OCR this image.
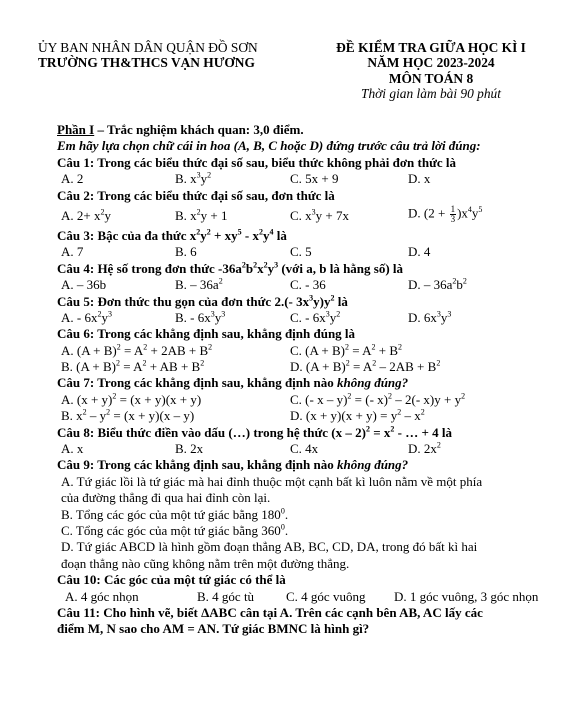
ỦY BAN NHÂN DÂN QUẬN ĐỒ SƠN
TRƯỜNG TH&THCS VẠN HƯƠNG
ĐỀ KIỂM TRA GIỮA HỌC KÌ I
NĂM HỌC 2023-2024
MÔN TOÁN 8
Thời gian làm bài 90 phút
Phần I – Trắc nghiệm khách quan: 3,0 điểm.
Em hãy lựa chọn chữ cái in hoa (A, B, C hoặc D) đứng trước câu trả lời đúng:
Câu 1: Trong các biểu thức đại số sau, biểu thức không phải đơn thức là
A. 2	B. $x^3y^2$	C. 5x + 9	D. x
Câu 2: Trong các biểu thức đại số sau, đơn thức là
A. $2+ x^2y$	B. $x^2y + 1$	C. $x^3y + 7x$	D. $(2 + \frac{1}{3} )x^4y^5$
Câu 3: Bậc của đa thức $x^2y^2 + xy^5 - x^2y^4$ là
A. 7	B. 6	C. 5	D. 4
Câu 4: Hệ số trong đơn thức $-36a^2b^2x^2y^3$ (với a, b là hằng số) là
A. – 36b	B. – $36a^2$	C. - 36	D. – $36a^2b^2$
Câu 5: Đơn thức thu gọn của đơn thức 2.(- $3x^3y)y^2$ là
A. - $6x^2y^3$	B. - $6x^3y^3$	C. - $6x^3y^2$	D. $6x^3y^3$
Câu 6: Trong các khẳng định sau, khẳng định đúng là
A. $(A + B)^2 = A^2 + 2AB + B^2$	C. $(A + B)^2 = A^2 + B^2$
B. $(A + B)^2 = A^2$ + AB + $B^2$	D. $(A + B)^2 = A^2 - 2AB + B^2$
Câu 7: Trong các khẳng định sau, khẳng định nào không đúng?
A. $(x + y)^2 = (x + y)(x + y)$	C. (- x – y)$^2$ = (- x)$^2$ – 2(- $x)y + y^2$
B. $x^2 - y^2 = (x + y)(x - y)$	D. $(x + y)(x + y) = y^2 - x^2$
Câu 8: Biểu thức điền vào dấu (…) trong hệ thức $(x - 2)^2 = x^2$ - … + 4 là
A. x	B. 2x	C. 4x	D. $2x^2$
Câu 9: Trong các khẳng định sau, khẳng định nào không đúng?
A. Tứ giác lồi là tứ giác mà hai đỉnh thuộc một cạnh bất kì luôn nằm về một phía
của đường thẳng đi qua hai đỉnh còn lại.
B. Tổng các góc của một tứ giác bằng $180^0$.
C. Tổng các góc của một tứ giác bằng $360^0$.
D. Tứ giác ABCD là hình gồm đoạn thẳng AB, BC, CD, DA, trong đó bất kì hai
đoạn thẳng nào cũng không nằm trên một đường thẳng.
Câu 10: Các góc của một tứ giác có thể là
A. 4 góc nhọn	B. 4 góc tù C. 4 góc vuông D. 1 góc vuông, 3 góc nhọn
Câu 11: Cho hình vẽ, biết ΔABC cân tại A. Trên các cạnh bên AB, AC lấy các
điểm M, N sao cho AM = AN. Tứ giác BMNC là hình gì?
